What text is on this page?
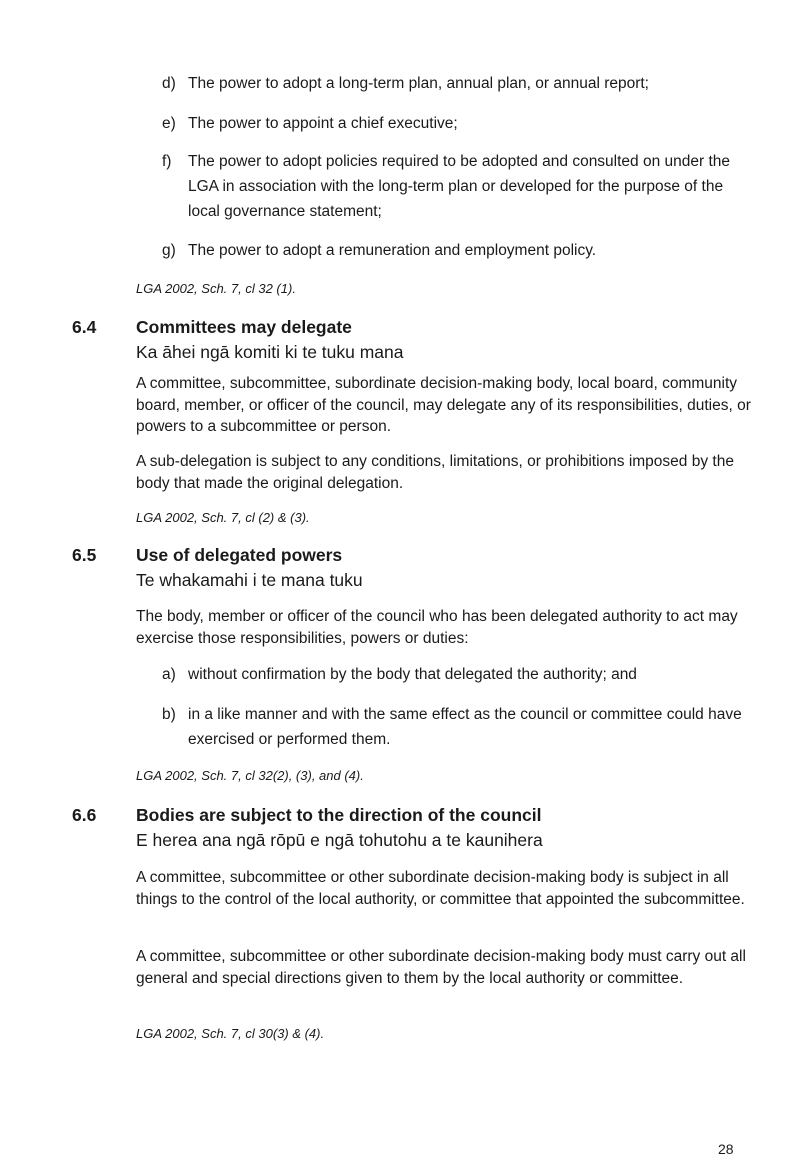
d) The power to adopt a long-term plan, annual plan, or annual report;
e) The power to appoint a chief executive;
f) The power to adopt policies required to be adopted and consulted on under the LGA in association with the long-term plan or developed for the purpose of the local governance statement;
g) The power to adopt a remuneration and employment policy.
LGA 2002, Sch. 7, cl 32 (1).
6.4 Committees may delegate
Ka āhei ngā komiti ki te tuku mana

A committee, subcommittee, subordinate decision-making body, local board, community board, member, or officer of the council, may delegate any of its responsibilities, duties, or powers to a subcommittee or person.

A sub-delegation is subject to any conditions, limitations, or prohibitions imposed by the body that made the original delegation.

LGA 2002, Sch. 7, cl (2) & (3).
6.5 Use of delegated powers
Te whakamahi i te mana tuku

The body, member or officer of the council who has been delegated authority to act may exercise those responsibilities, powers or duties:

a) without confirmation by the body that delegated the authority; and
b) in a like manner and with the same effect as the council or committee could have exercised or performed them.
LGA 2002, Sch. 7, cl 32(2), (3), and (4).
6.6 Bodies are subject to the direction of the council
E herea ana ngā rōpū e ngā tohutohu a te kaunihera

A committee, subcommittee or other subordinate decision-making body is subject in all things to the control of the local authority, or committee that appointed the subcommittee.

A committee, subcommittee or other subordinate decision-making body must carry out all general and special directions given to them by the local authority or committee.

LGA 2002, Sch. 7, cl 30(3) & (4).
28
